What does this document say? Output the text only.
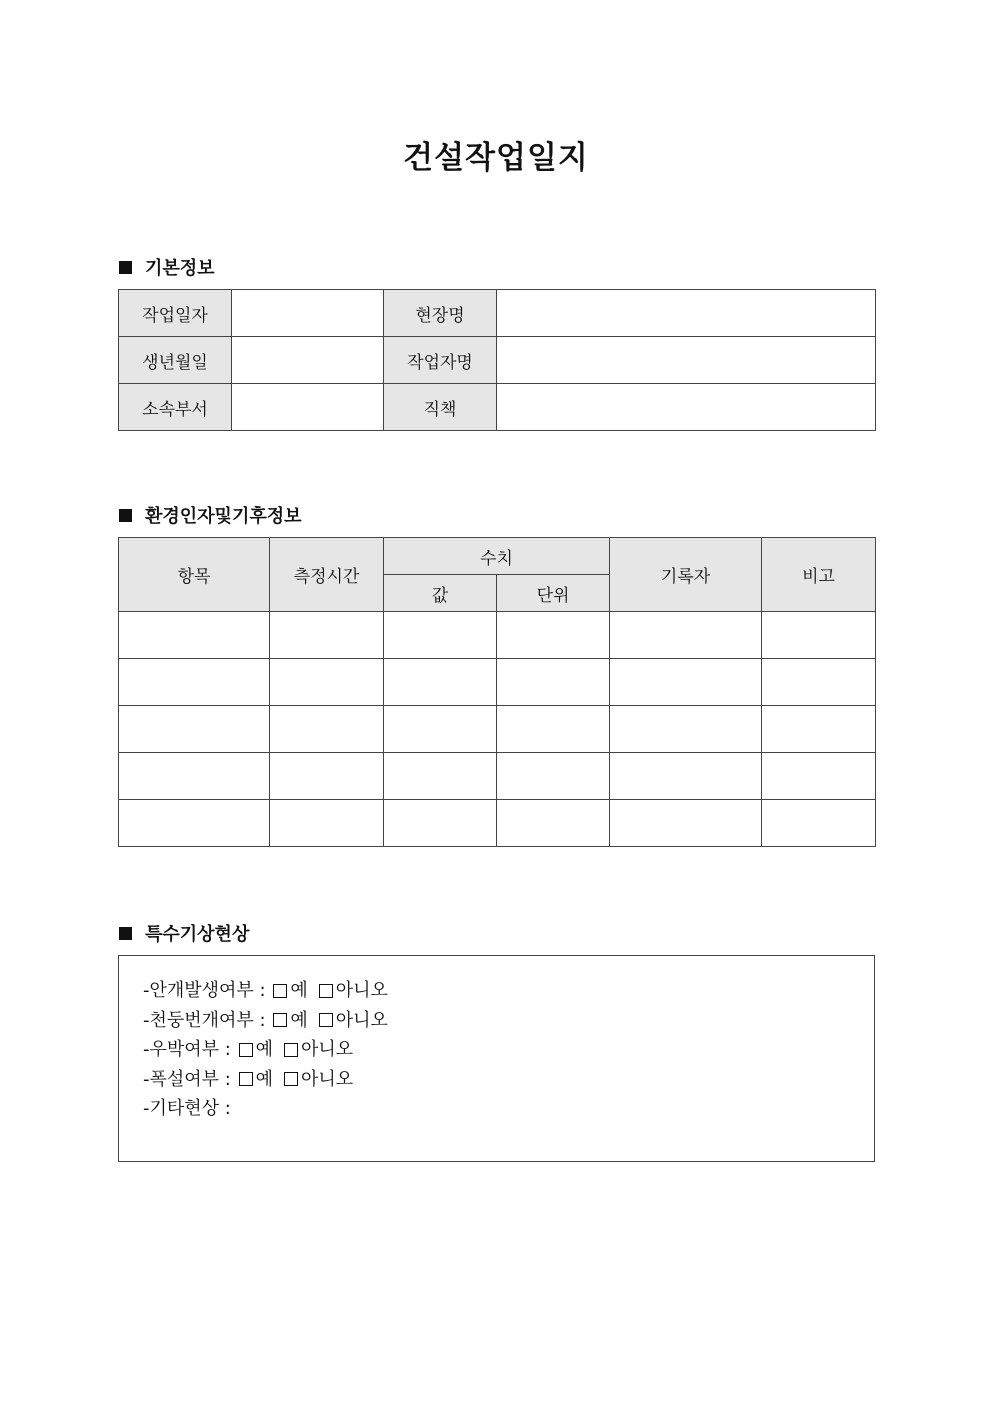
건설작업일지
기본정보
작업일자		현장명	
생년월일		작업자명	
소속부서		직책	
환경인자및기후정보
항목	측정시간	수치		기록자	비고
		값	단위		

특수기상현상
-안개발생여부 : 예 아니오
-천둥번개여부 : 예 아니오
-우박여부 : 예 아니오
-폭설여부 : 예 아니오
-기타현상 :
